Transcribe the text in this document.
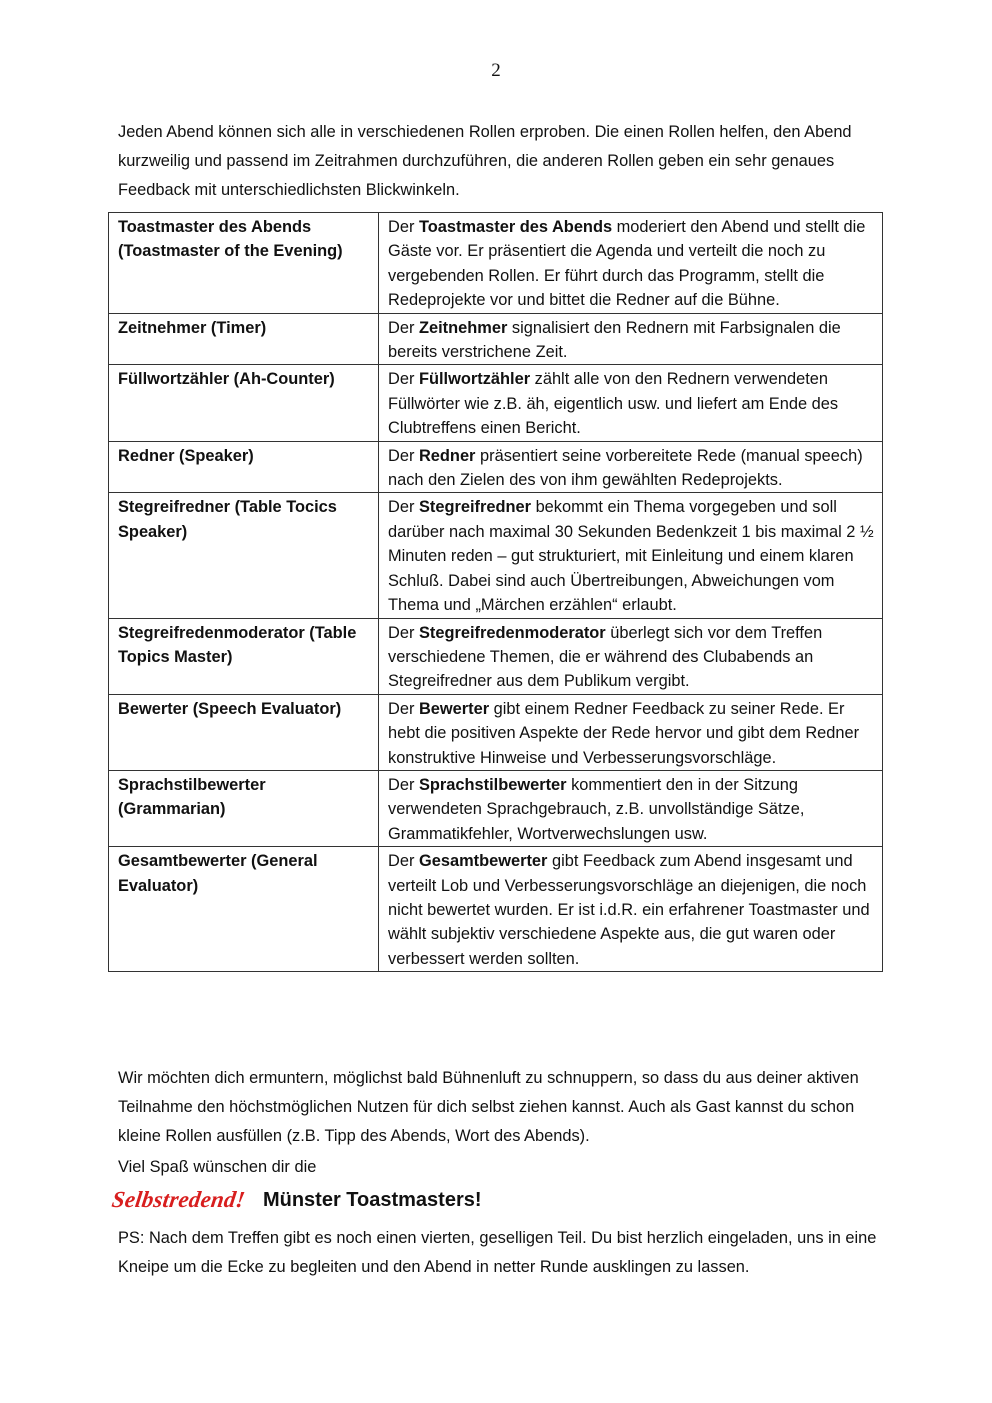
2

Jeden Abend können sich alle in verschiedenen Rollen erproben. Die einen Rollen helfen, den Abend kurzweilig und passend im Zeitrahmen durchzuführen, die anderen Rollen geben ein sehr genaues Feedback mit unterschiedlichsten Blickwinkeln.

Toastmaster des Abends (Toastmaster of the Evening)	Der Toastmaster des Abends moderiert den Abend und stellt die Gäste vor. Er präsentiert die Agenda und verteilt die noch zu vergebenden Rollen. Er führt durch das Programm, stellt die Redeprojekte vor und bittet die Redner auf die Bühne.
Zeitnehmer (Timer)	Der Zeitnehmer signalisiert den Rednern mit Farbsignalen die bereits verstrichene Zeit.
Füllwortzähler (Ah-Counter)	Der Füllwortzähler zählt alle von den Rednern verwendeten Füllwörter wie z.B. äh, eigentlich usw. und liefert am Ende des Clubtreffens einen Bericht.
Redner (Speaker)	Der Redner präsentiert seine vorbereitete Rede (manual speech) nach den Zielen des von ihm gewählten Redeprojekts.
Stegreifredner (Table Tocics Speaker)	Der Stegreifredner bekommt ein Thema vorgegeben und soll darüber nach maximal 30 Sekunden Bedenkzeit 1 bis maximal 2 ½ Minuten reden – gut strukturiert, mit Einleitung und einem klaren Schluß. Dabei sind auch Übertreibungen, Abweichungen vom Thema und „Märchen erzählen“ erlaubt.
Stegreifredenmoderator (Table Topics Master)	Der Stegreifredenmoderator überlegt sich vor dem Treffen verschiedene Themen, die er während des Clubabends an Stegreifredner aus dem Publikum vergibt.
Bewerter (Speech Evaluator)	Der Bewerter gibt einem Redner Feedback zu seiner Rede. Er hebt die positiven Aspekte der Rede hervor und gibt dem Redner konstruktive Hinweise und Verbesserungsvorschläge.
Sprachstilbewerter (Grammarian)	Der Sprachstilbewerter kommentiert den in der Sitzung verwendeten Sprachgebrauch, z.B. unvollständige Sätze, Grammatikfehler, Wortverwechslungen usw.
Gesamtbewerter (General Evaluator)	Der Gesamtbewerter gibt Feedback zum Abend insgesamt und verteilt Lob und Verbesserungsvorschläge an diejenigen, die noch nicht bewertet wurden. Er ist i.d.R. ein erfahrener Toastmaster und wählt subjektiv verschiedene Aspekte aus, die gut waren oder verbessert werden sollten.

Wir möchten dich ermuntern, möglichst bald Bühnenluft zu schnuppern, so dass du aus deiner aktiven Teilnahme den höchstmöglichen Nutzen für dich selbst ziehen kannst. Auch als Gast kannst du schon kleine Rollen ausfüllen (z.B. Tipp des Abends, Wort des Abends).

Viel Spaß wünschen dir die
Selbstredend! Münster Toastmasters!

PS: Nach dem Treffen gibt es noch einen vierten, geselligen Teil. Du bist herzlich eingeladen, uns in eine Kneipe um die Ecke zu begleiten und den Abend in netter Runde ausklingen zu lassen.
